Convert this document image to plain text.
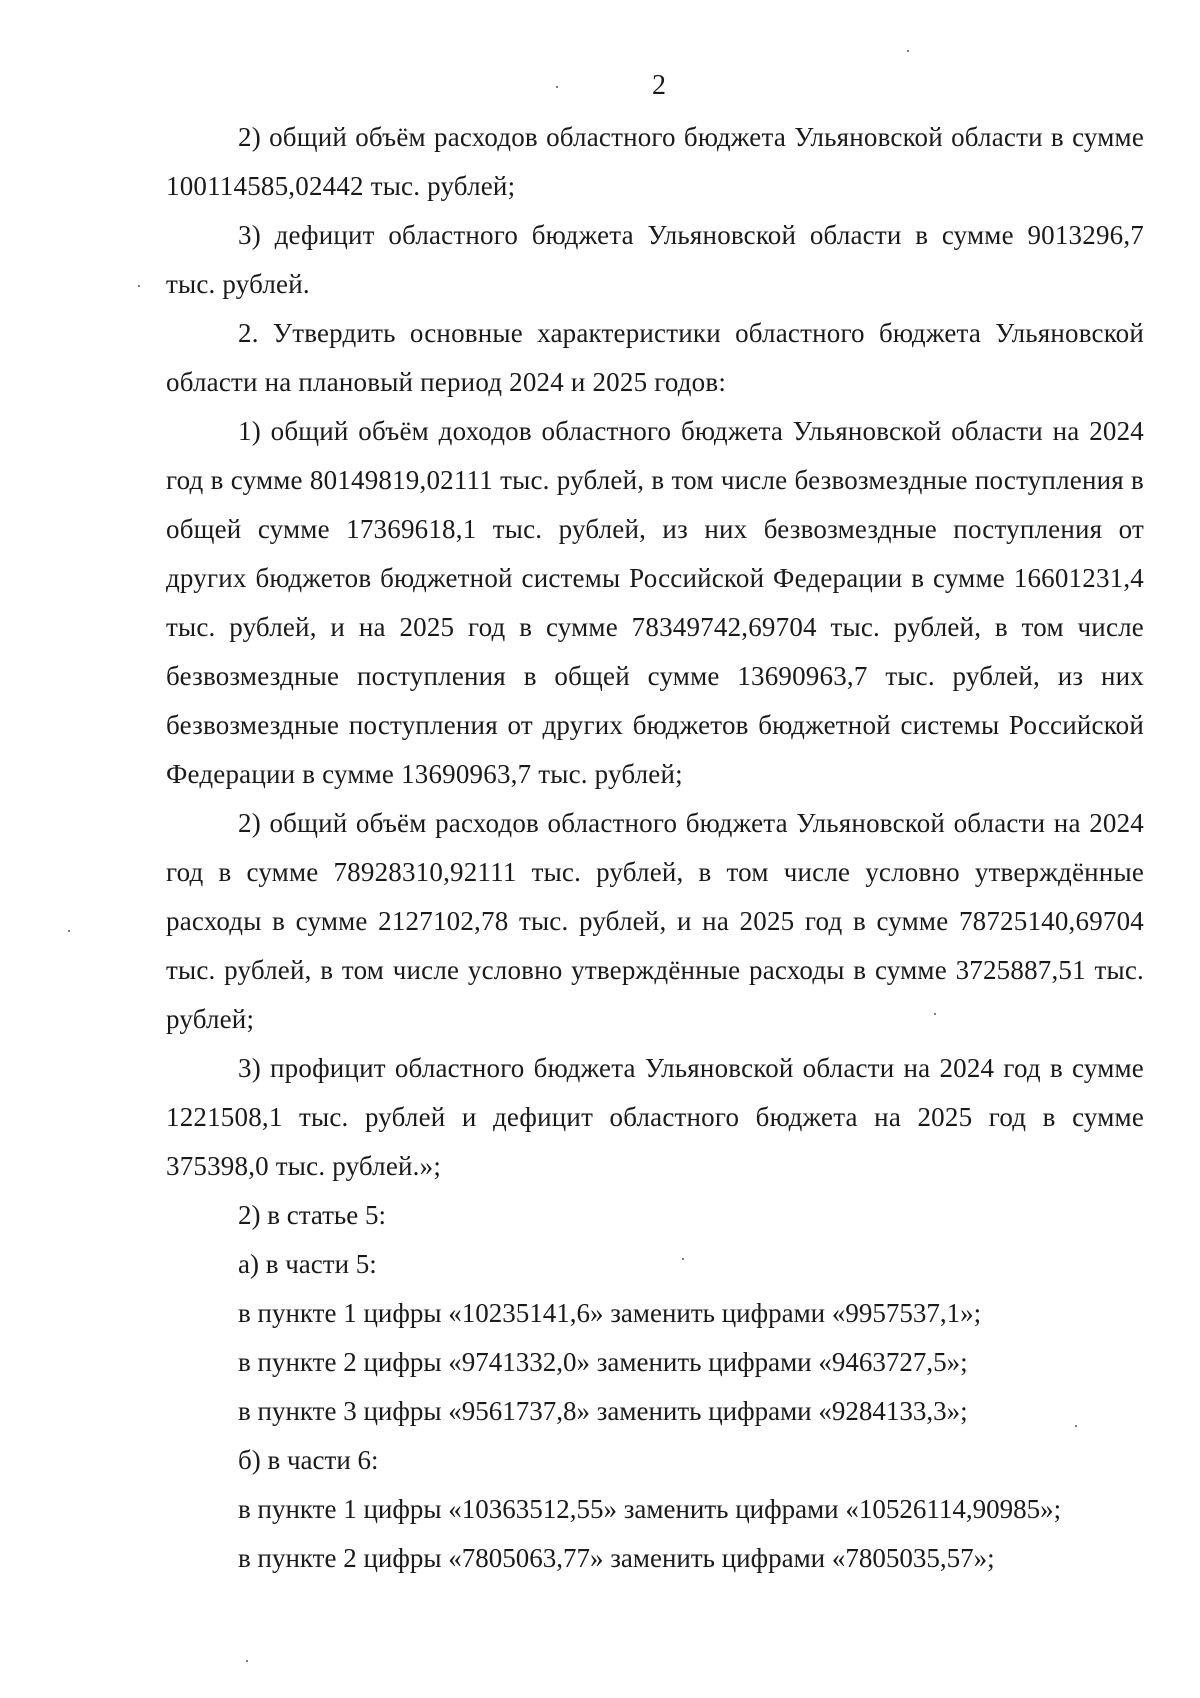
2

2) общий объём расходов областного бюджета Ульяновской области в сумме 100114585,02442 тыс. рублей;

3) дефицит областного бюджета Ульяновской области в сумме 9013296,7 тыс. рублей.

2. Утвердить основные характеристики областного бюджета Ульяновской области на плановый период 2024 и 2025 годов:

1) общий объём доходов областного бюджета Ульяновской области на 2024 год в сумме 80149819,02111 тыс. рублей, в том числе безвозмездные поступления в общей сумме 17369618,1 тыс. рублей, из них безвозмездные поступления от других бюджетов бюджетной системы Российской Федерации в сумме 16601231,4 тыс. рублей, и на 2025 год в сумме 78349742,69704 тыс. рублей, в том числе безвозмездные поступления в общей сумме 13690963,7 тыс. рублей, из них безвозмездные поступления от других бюджетов бюджетной системы Российской Федерации в сумме 13690963,7 тыс. рублей;

2) общий объём расходов областного бюджета Ульяновской области на 2024 год в сумме 78928310,92111 тыс. рублей, в том числе условно утверждённые расходы в сумме 2127102,78 тыс. рублей, и на 2025 год в сумме 78725140,69704 тыс. рублей, в том числе условно утверждённые расходы в сумме 3725887,51 тыс. рублей;

3) профицит областного бюджета Ульяновской области на 2024 год в сумме 1221508,1 тыс. рублей и дефицит областного бюджета на 2025 год в сумме 375398,0 тыс. рублей.»;

2) в статье 5:

а) в части 5:

в пункте 1 цифры «10235141,6» заменить цифрами «9957537,1»;

в пункте 2 цифры «9741332,0» заменить цифрами «9463727,5»;

в пункте 3 цифры «9561737,8» заменить цифрами «9284133,3»;

б) в части 6:

в пункте 1 цифры «10363512,55» заменить цифрами «10526114,90985»;

в пункте 2 цифры «7805063,77» заменить цифрами «7805035,57»;
